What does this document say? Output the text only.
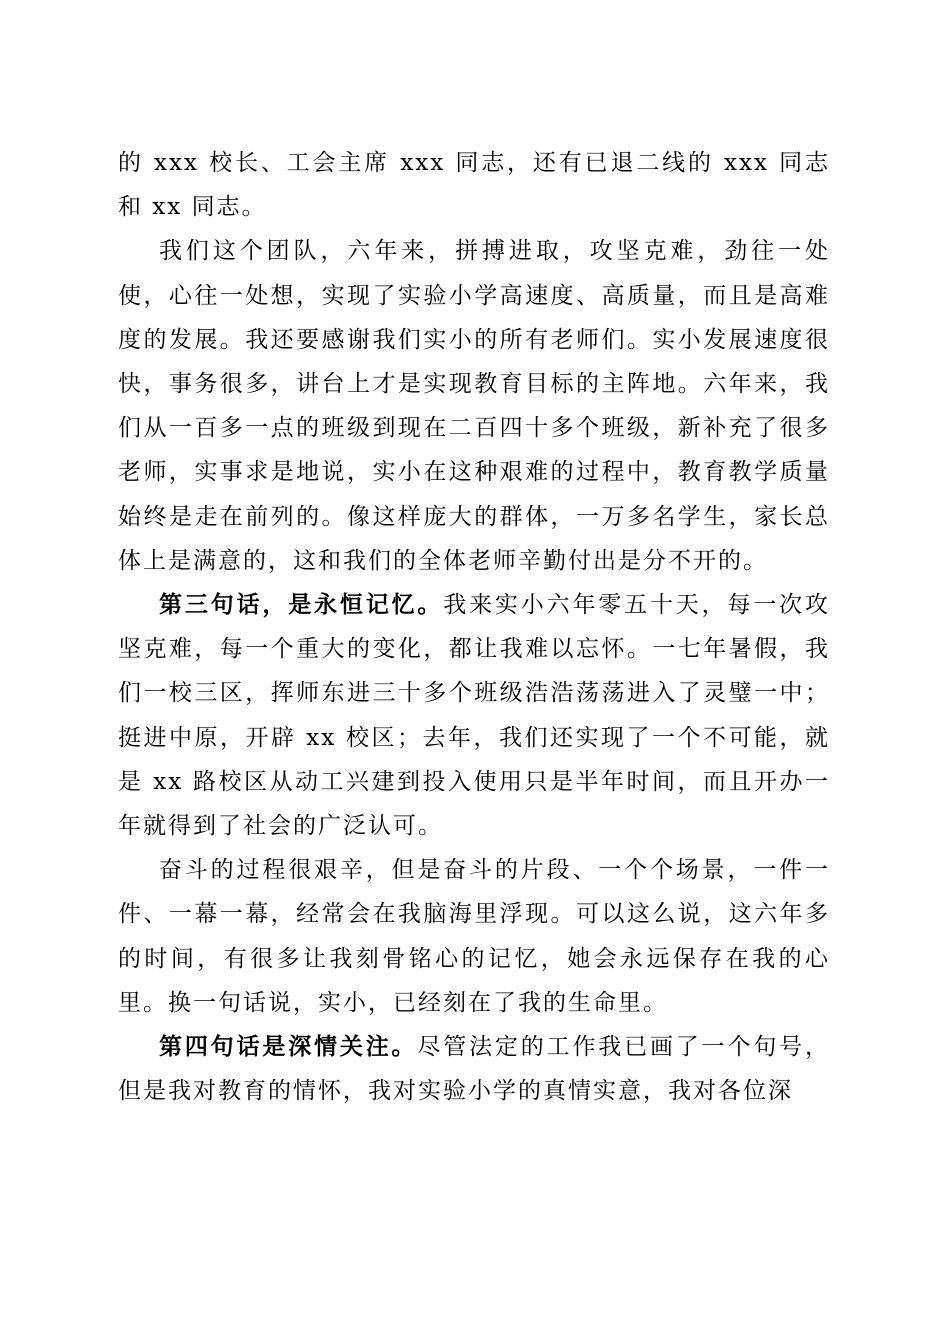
的 xxx 校长、工会主席 xxx 同志，还有已退二线的 xxx 同志和 xx 同志。

我们这个团队，六年来，拼搏进取，攻坚克难，劲往一处使，心往一处想，实现了实验小学高速度、高质量，而且是高难度的发展。我还要感谢我们实小的所有老师们。实小发展速度很快，事务很多，讲台上才是实现教育目标的主阵地。六年来，我们从一百多一点的班级到现在二百四十多个班级，新补充了很多老师，实事求是地说，实小在这种艰难的过程中，教育教学质量始终是走在前列的。像这样庞大的群体，一万多名学生，家长总体上是满意的，这和我们的全体老师辛勤付出是分不开的。

第三句话，是永恒记忆。我来实小六年零五十天，每一次攻坚克难，每一个重大的变化，都让我难以忘怀。一七年暑假，我们一校三区，挥师东进三十多个班级浩浩荡荡进入了灵璧一中；挺进中原，开辟 xx 校区；去年，我们还实现了一个不可能，就是 xx 路校区从动工兴建到投入使用只是半年时间，而且开办一年就得到了社会的广泛认可。

奋斗的过程很艰辛，但是奋斗的片段、一个个场景，一件一件、一幕一幕，经常会在我脑海里浮现。可以这么说，这六年多的时间，有很多让我刻骨铭心的记忆，她会永远保存在我的心里。换一句话说，实小，已经刻在了我的生命里。

第四句话是深情关注。尽管法定的工作我已画了一个句号，但是我对教育的情怀，我对实验小学的真情实意，我对各位深
